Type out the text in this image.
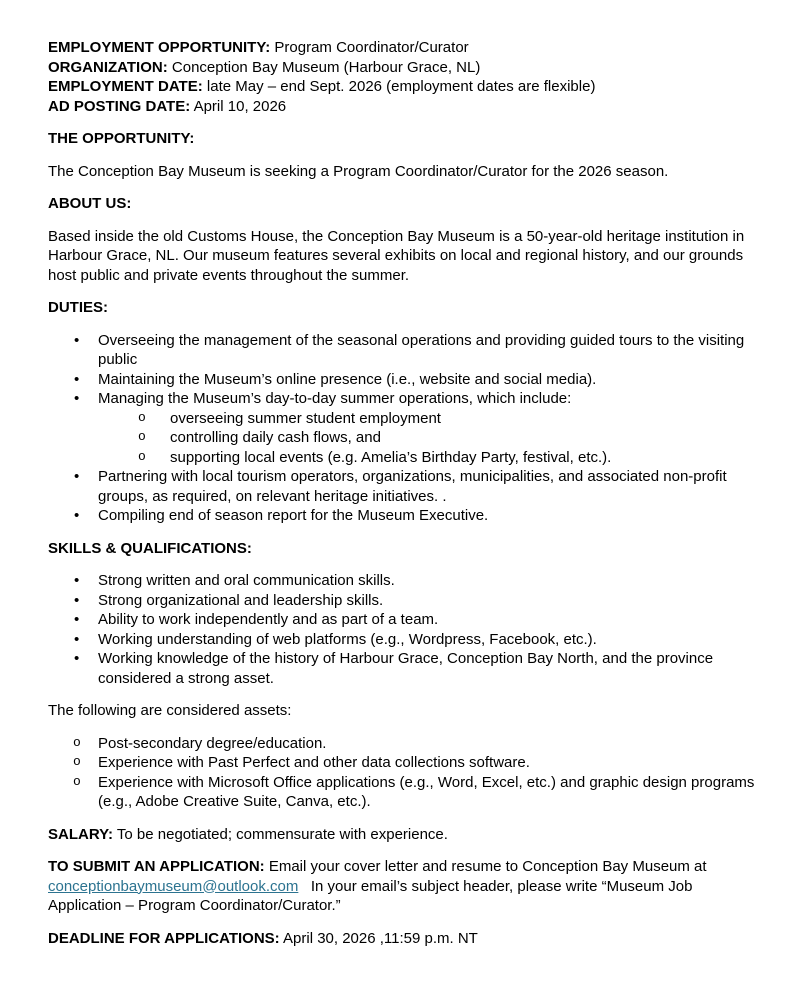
EMPLOYMENT OPPORTUNITY: Program Coordinator/Curator
ORGANIZATION: Conception Bay Museum (Harbour Grace, NL)
EMPLOYMENT DATE: late May – end Sept. 2026 (employment dates are flexible)
AD POSTING DATE: April 10, 2026

THE OPPORTUNITY:

The Conception Bay Museum is seeking a Program Coordinator/Curator for the 2026 season.

ABOUT US:

Based inside the old Customs House, the Conception Bay Museum is a 50-year-old heritage institution in Harbour Grace, NL. Our museum features several exhibits on local and regional history, and our grounds host public and private events throughout the summer.

DUTIES:

• Overseeing the management of the seasonal operations and providing guided tours to the visiting public
• Maintaining the Museum’s online presence (i.e., website and social media).
• Managing the Museum’s day-to-day summer operations, which include:
o overseeing summer student employment
o controlling daily cash flows, and
o supporting local events (e.g. Amelia’s Birthday Party, festival, etc.).
• Partnering with local tourism operators, organizations, municipalities, and associated non-profit groups, as required, on relevant heritage initiatives. .
• Compiling end of season report for the Museum Executive.

SKILLS & QUALIFICATIONS:

• Strong written and oral communication skills.
• Strong organizational and leadership skills.
• Ability to work independently and as part of a team.
• Working understanding of web platforms (e.g., Wordpress, Facebook, etc.).
• Working knowledge of the history of Harbour Grace, Conception Bay North, and the province considered a strong asset.

The following are considered assets:

o Post-secondary degree/education.
o Experience with Past Perfect and other data collections software.
o Experience with Microsoft Office applications (e.g., Word, Excel, etc.) and graphic design programs (e.g., Adobe Creative Suite, Canva, etc.).

SALARY: To be negotiated; commensurate with experience.

TO SUBMIT AN APPLICATION: Email your cover letter and resume to Conception Bay Museum at conceptionbaymuseum@outlook.com   In your email’s subject header, please write “Museum Job Application – Program Coordinator/Curator.”

DEADLINE FOR APPLICATIONS: April 30, 2026 ,11:59 p.m. NT
